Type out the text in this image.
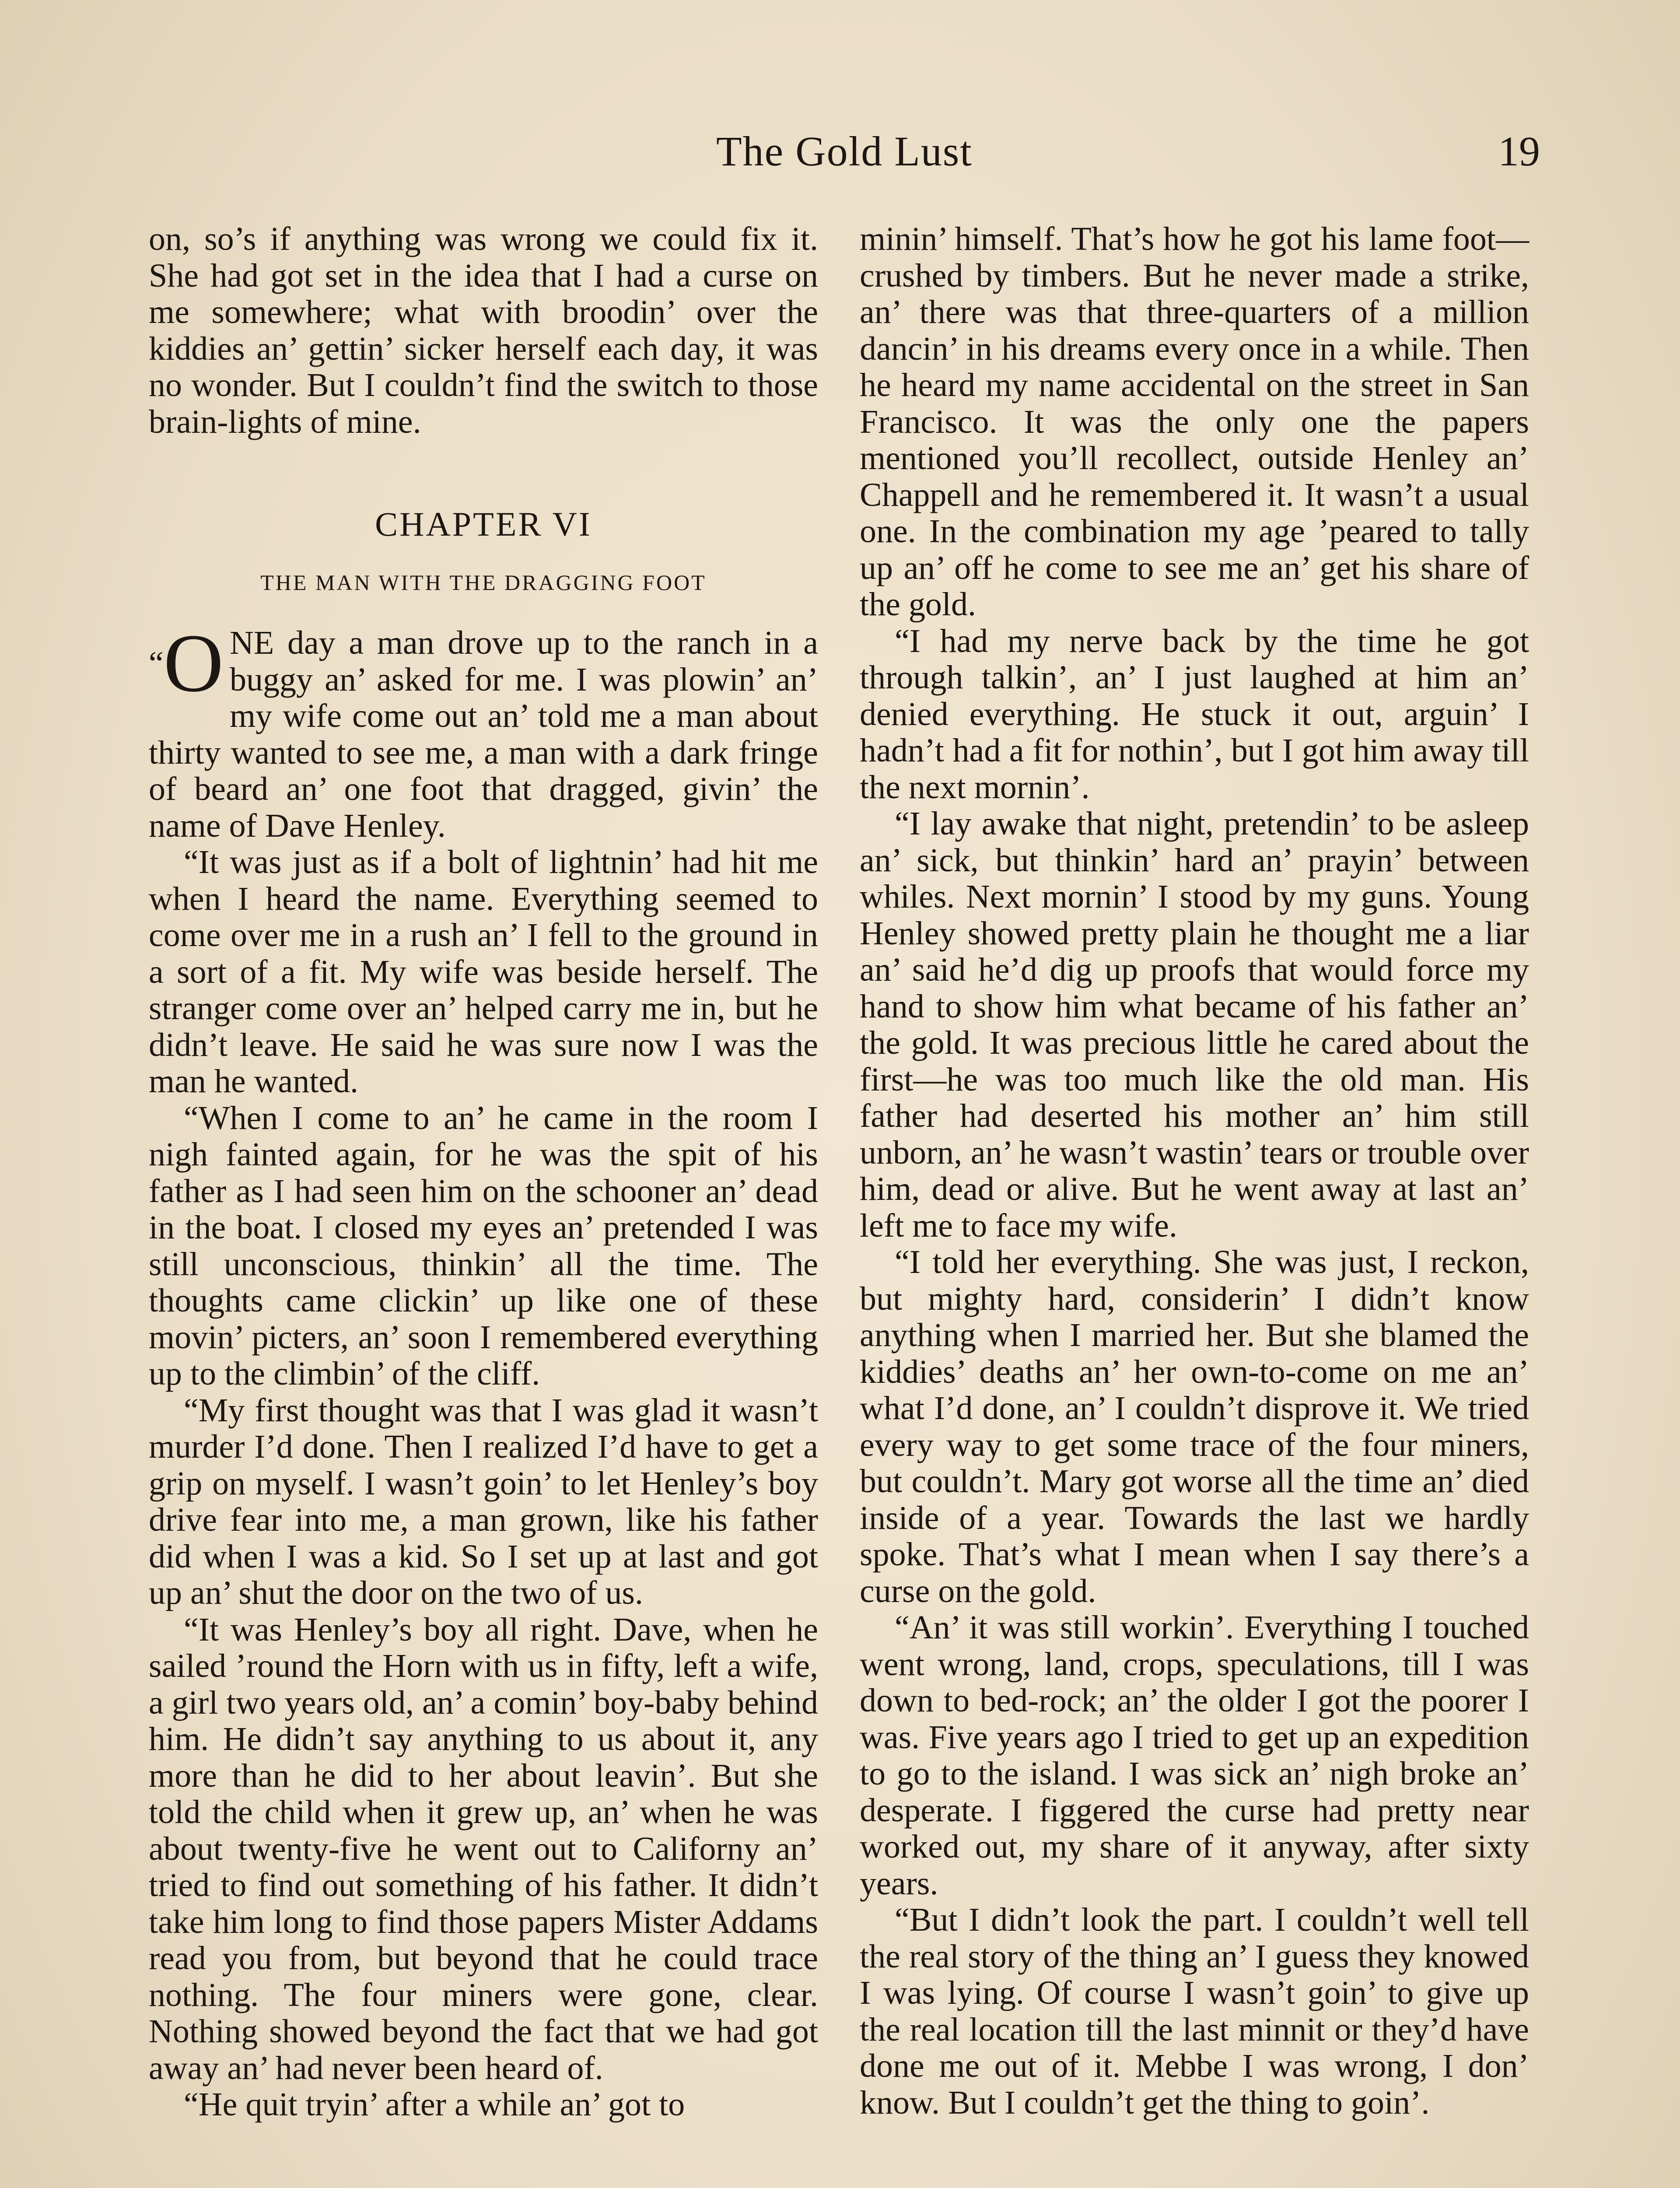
The Gold Lust	19

on, so’s if anything was wrong we could fix it. She had got set in the idea that I had a curse on me somewhere; what with broodin’ over the kiddies an’ gettin’ sicker herself each day, it was no wonder. But I couldn’t find the switch to those brain-lights of mine.

CHAPTER VI
THE MAN WITH THE DRAGGING FOOT

“O NE day a man drove up to the ranch in a buggy an’ asked for me. I was plowin’ an’ my wife come out an’ told me a man about thirty wanted to see me, a man with a dark fringe of beard an’ one foot that dragged, givin’ the name of Dave Henley.

“It was just as if a bolt of lightnin’ had hit me when I heard the name. Everything seemed to come over me in a rush an’ I fell to the ground in a sort of a fit. My wife was beside herself. The stranger come over an’ helped carry me in, but he didn’t leave. He said he was sure now I was the man he wanted.

“When I come to an’ he came in the room I nigh fainted again, for he was the spit of his father as I had seen him on the schooner an’ dead in the boat. I closed my eyes an’ pretended I was still unconscious, thinkin’ all the time. The thoughts came clickin’ up like one of these movin’ picters, an’ soon I remembered everything up to the climbin’ of the cliff.

“My first thought was that I was glad it wasn’t murder I’d done. Then I realized I’d have to get a grip on myself. I wasn’t goin’ to let Henley’s boy drive fear into me, a man grown, like his father did when I was a kid. So I set up at last and got up an’ shut the door on the two of us.

“It was Henley’s boy all right. Dave, when he sailed ’round the Horn with us in fifty, left a wife, a girl two years old, an’ a comin’ boy-baby behind him. He didn’t say anything to us about it, any more than he did to her about leavin’. But she told the child when it grew up, an’ when he was about twenty-five he went out to Californy an’ tried to find out something of his father. It didn’t take him long to find those papers Mister Addams read you from, but beyond that he could trace nothing. The four miners were gone, clear. Nothing showed beyond the fact that we had got away an’ had never been heard of.

“He quit tryin’ after a while an’ got to

minin’ himself. That’s how he got his lame foot—crushed by timbers. But he never made a strike, an’ there was that three-quarters of a million dancin’ in his dreams every once in a while. Then he heard my name accidental on the street in San Francisco. It was the only one the papers mentioned you’ll recollect, outside Henley an’ Chappell and he remembered it. It wasn’t a usual one. In the combination my age ’peared to tally up an’ off he come to see me an’ get his share of the gold.

“I had my nerve back by the time he got through talkin’, an’ I just laughed at him an’ denied everything. He stuck it out, arguin’ I hadn’t had a fit for nothin’, but I got him away till the next mornin’.

“I lay awake that night, pretendin’ to be asleep an’ sick, but thinkin’ hard an’ prayin’ between whiles. Next mornin’ I stood by my guns. Young Henley showed pretty plain he thought me a liar an’ said he’d dig up proofs that would force my hand to show him what became of his father an’ the gold. It was precious little he cared about the first—he was too much like the old man. His father had deserted his mother an’ him still unborn, an’ he wasn’t wastin’ tears or trouble over him, dead or alive. But he went away at last an’ left me to face my wife.

“I told her everything. She was just, I reckon, but mighty hard, considerin’ I didn’t know anything when I married her. But she blamed the kiddies’ deaths an’ her own-to-come on me an’ what I’d done, an’ I couldn’t disprove it. We tried every way to get some trace of the four miners, but couldn’t. Mary got worse all the time an’ died inside of a year. Towards the last we hardly spoke. That’s what I mean when I say there’s a curse on the gold.

“An’ it was still workin’. Everything I touched went wrong, land, crops, speculations, till I was down to bed-rock; an’ the older I got the poorer I was. Five years ago I tried to get up an expedition to go to the island. I was sick an’ nigh broke an’ desperate. I figgered the curse had pretty near worked out, my share of it anyway, after sixty years.

“But I didn’t look the part. I couldn’t well tell the real story of the thing an’ I guess they knowed I was lying. Of course I wasn’t goin’ to give up the real location till the last minnit or they’d have done me out of it. Mebbe I was wrong, I don’ know. But I couldn’t get the thing to goin’.
